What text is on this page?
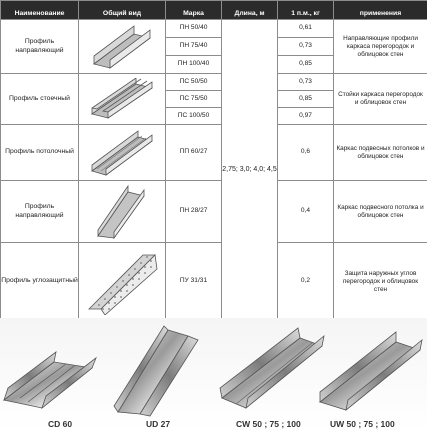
Наименование	Общий вид	Марка	Длина, м	1 п.м., кг	применения
Профиль направляющий		ПН 50/40	2,75; 3,0; 4,0; 4,5	0,61	Направляющие профили каркаса перегородок и облицовок стен
		ПН 75/40		0,73	
		ПН 100/40		0,85	
Профиль стоечный		ПС 50/50		0,73	Стойки каркаса перегородок и облицовок стен
		ПС 75/50		0,85	
		ПС 100/50		0,97	
Профиль потолочный		ПП 60/27		0,6	Каркас подвесных потолков и облицовок стен

Профиль направляющий		ПН 28/27		0,4	Каркас подвесного потолка и облицовок стен

Профиль углозащитный		ПУ 31/31		0,2	Защита наружных углов перегородок и облицовок стен

CD 60	UD 27	CW 50 ; 75 ; 100	UW 50 ; 75 ; 100
